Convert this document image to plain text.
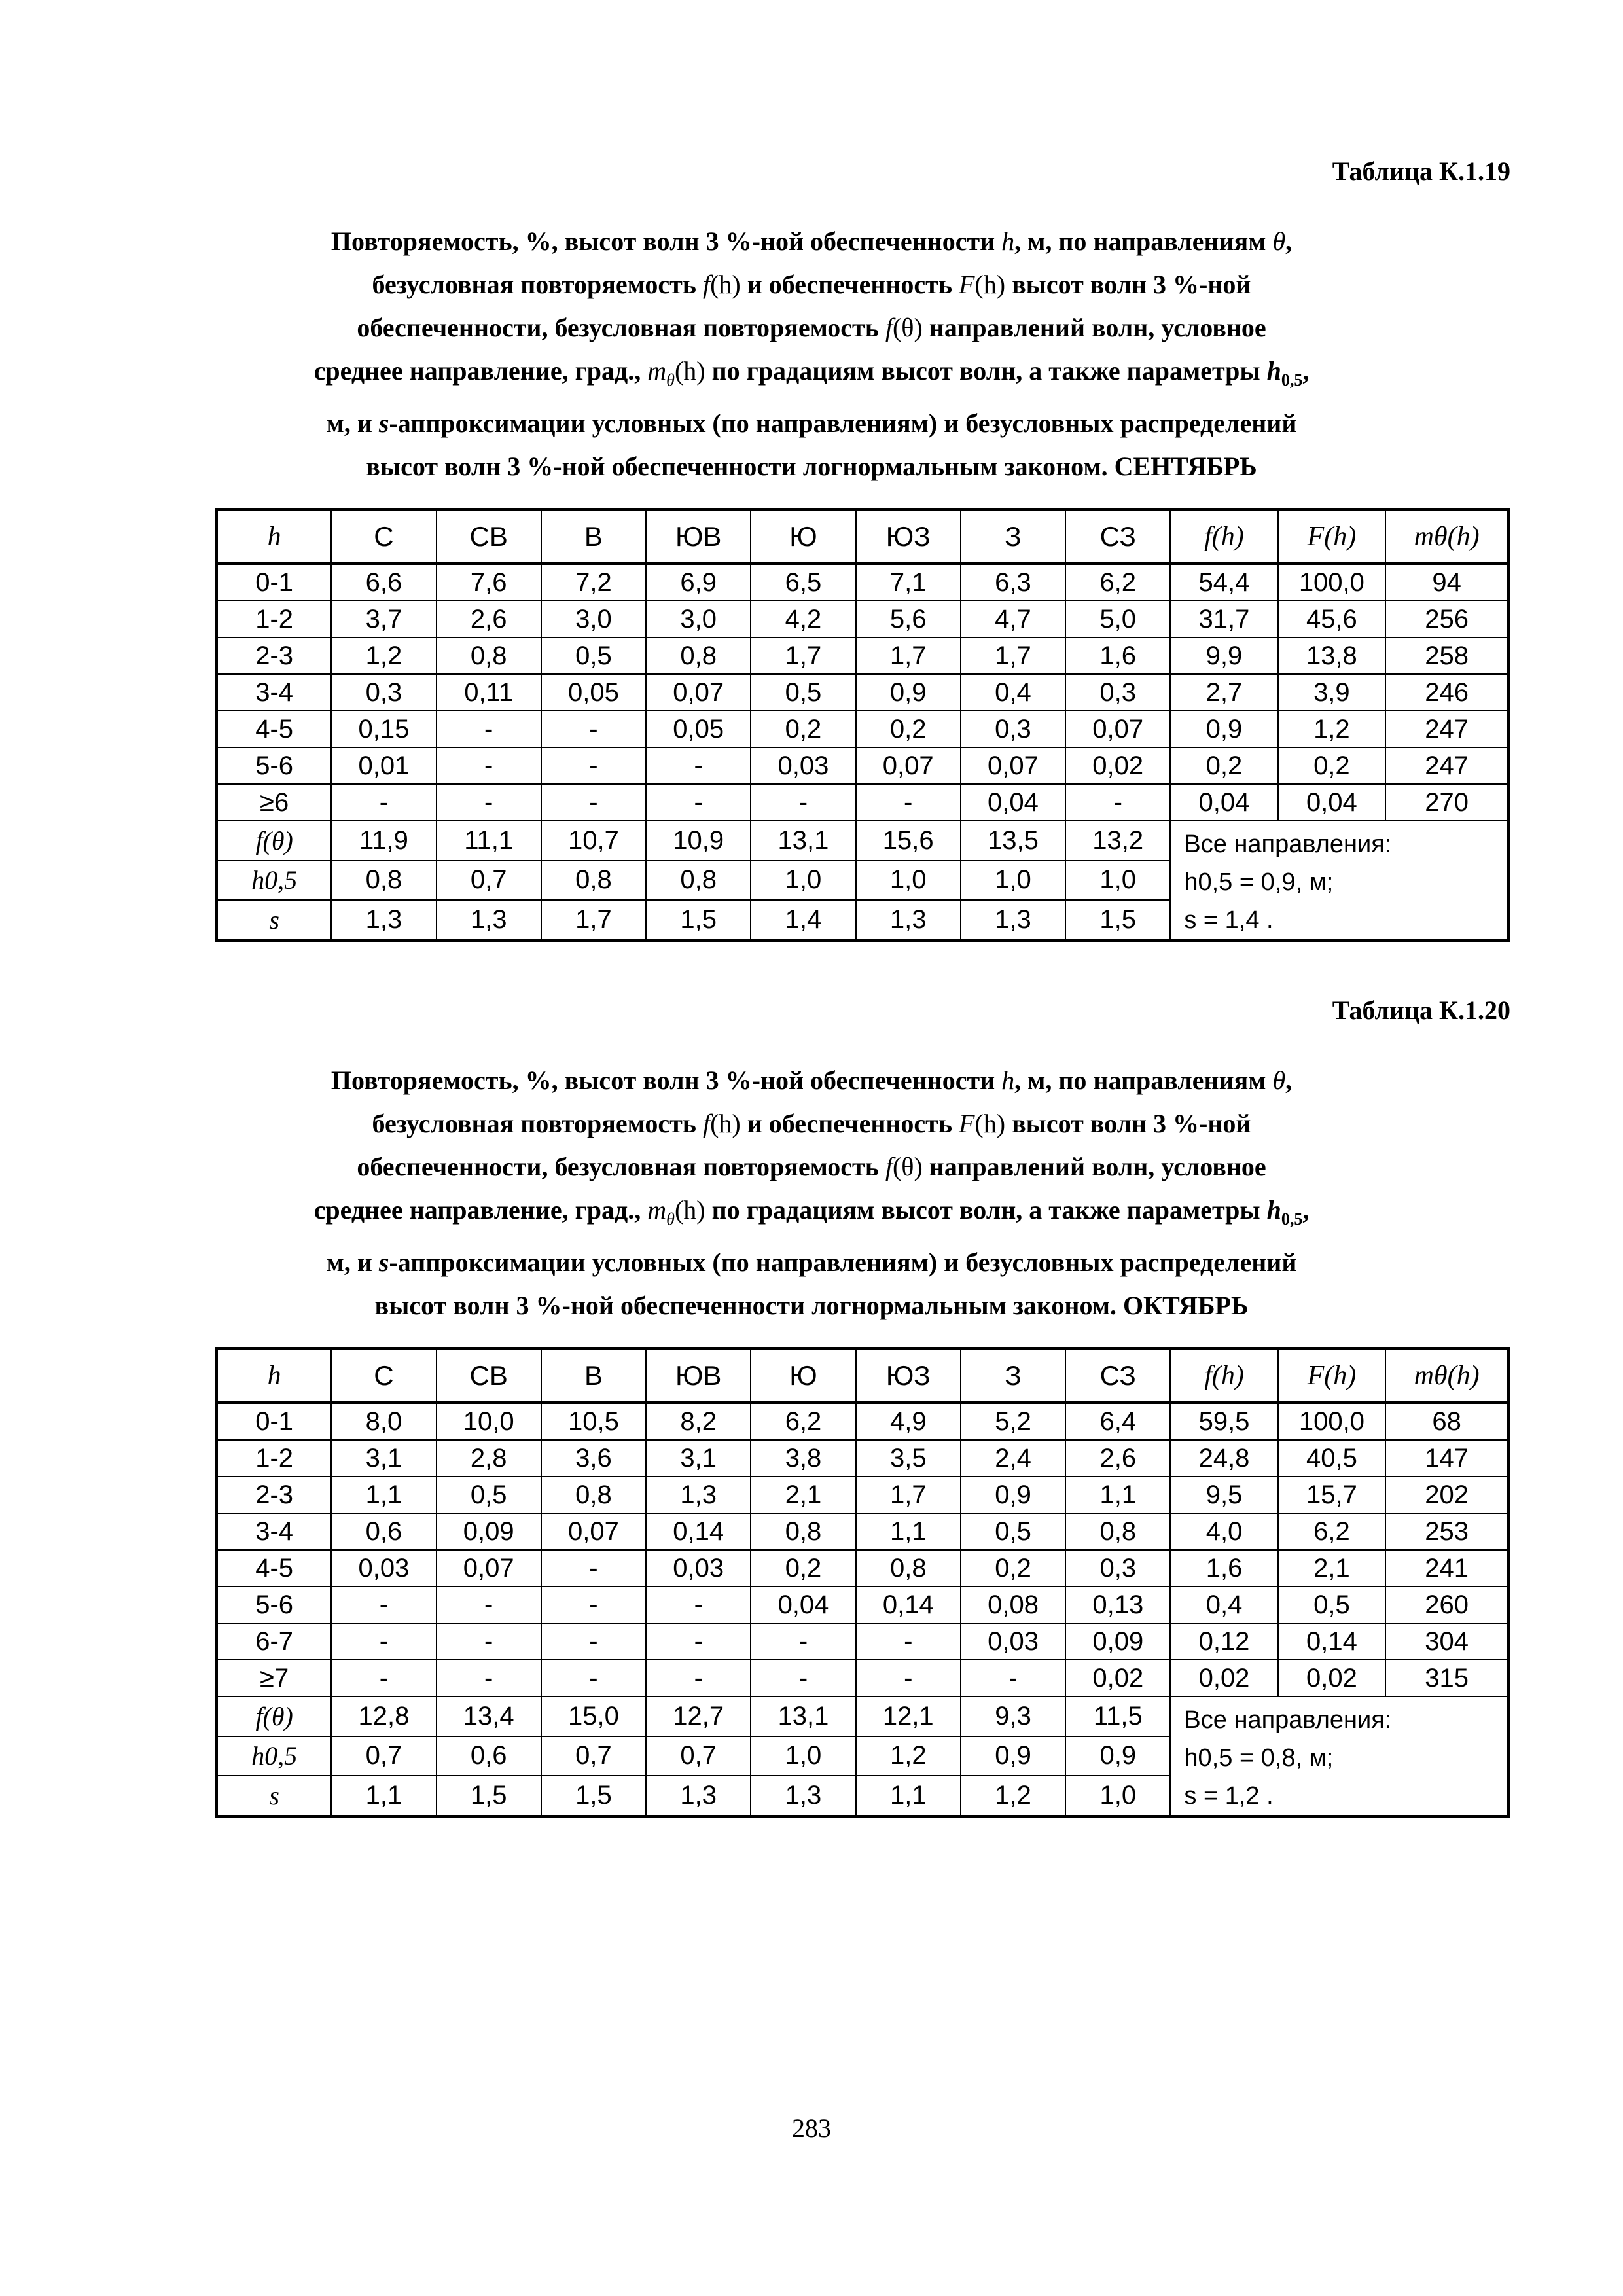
Таблица К.1.19
Повторяемость, %, высот волн 3 %-ной обеспеченности h, м, по направлениям θ,
безусловная повторяемость f(h) и обеспеченность F(h) высот волн 3 %-ной
обеспеченности, безусловная повторяемость f(θ) направлений волн, условное
среднее направление, град., $m_\theta(h)$ по градациям высот волн, а также параметры $h_{0,5}$,
м, и s-аппроксимации условных (по направлениям) и безусловных распределений
высот волн 3 %-ной обеспеченности логнормальным законом. СЕНТЯБРЬ
h	С	СВ	В	ЮВ	Ю	ЮЗ	З	СЗ	f(h)	F(h)	mθ(h)
0-1	6,6	7,6	7,2	6,9	6,5	7,1	6,3	6,2	54,4	100,0	94
1-2	3,7	2,6	3,0	3,0	4,2	5,6	4,7	5,0	31,7	45,6	256
2-3	1,2	0,8	0,5	0,8	1,7	1,7	1,7	1,6	9,9	13,8	258
3-4	0,3	0,11	0,05	0,07	0,5	0,9	0,4	0,3	2,7	3,9	246
4-5	0,15	-	-	0,05	0,2	0,2	0,3	0,07	0,9	1,2	247
5-6	0,01	-	-	-	0,03	0,07	0,07	0,02	0,2	0,2	247
≥6	-	-	-	-	-	-	0,04	-	0,04	0,04	270
f(θ)	11,9	11,1	10,7	10,9	13,1	15,6	13,5	13,2	Все направления:
h0,5 = 0,9, м;
s = 1,4 .		

h0,5	0,8	0,7	0,8	0,8	1,0	1,0	1,0	1,0			
s	1,3	1,3	1,7	1,5	1,4	1,3	1,3	1,5			
Таблица К.1.20
Повторяемость, %, высот волн 3 %-ной обеспеченности h, м, по направлениям θ,
безусловная повторяемость f(h) и обеспеченность F(h) высот волн 3 %-ной
обеспеченности, безусловная повторяемость f(θ) направлений волн, условное
среднее направление, град., $m_\theta(h)$ по градациям высот волн, а также параметры $h_{0,5}$,
м, и s-аппроксимации условных (по направлениям) и безусловных распределений
высот волн 3 %-ной обеспеченности логнормальным законом. ОКТЯБРЬ
h	С	СВ	В	ЮВ	Ю	ЮЗ	З	СЗ	f(h)	F(h)	mθ(h)
0-1	8,0	10,0	10,5	8,2	6,2	4,9	5,2	6,4	59,5	100,0	68
1-2	3,1	2,8	3,6	3,1	3,8	3,5	2,4	2,6	24,8	40,5	147
2-3	1,1	0,5	0,8	1,3	2,1	1,7	0,9	1,1	9,5	15,7	202
3-4	0,6	0,09	0,07	0,14	0,8	1,1	0,5	0,8	4,0	6,2	253
4-5	0,03	0,07	-	0,03	0,2	0,8	0,2	0,3	1,6	2,1	241
5-6	-	-	-	-	0,04	0,14	0,08	0,13	0,4	0,5	260
6-7	-	-	-	-	-	-	0,03	0,09	0,12	0,14	304
≥7	-	-	-	-	-	-	-	0,02	0,02	0,02	315
f(θ)	12,8	13,4	15,0	12,7	13,1	12,1	9,3	11,5	Все направления:
h0,5 = 0,8, м;
s = 1,2 .		

h0,5	0,7	0,6	0,7	0,7	1,0	1,2	0,9	0,9			
s	1,1	1,5	1,5	1,3	1,3	1,1	1,2	1,0			
283
